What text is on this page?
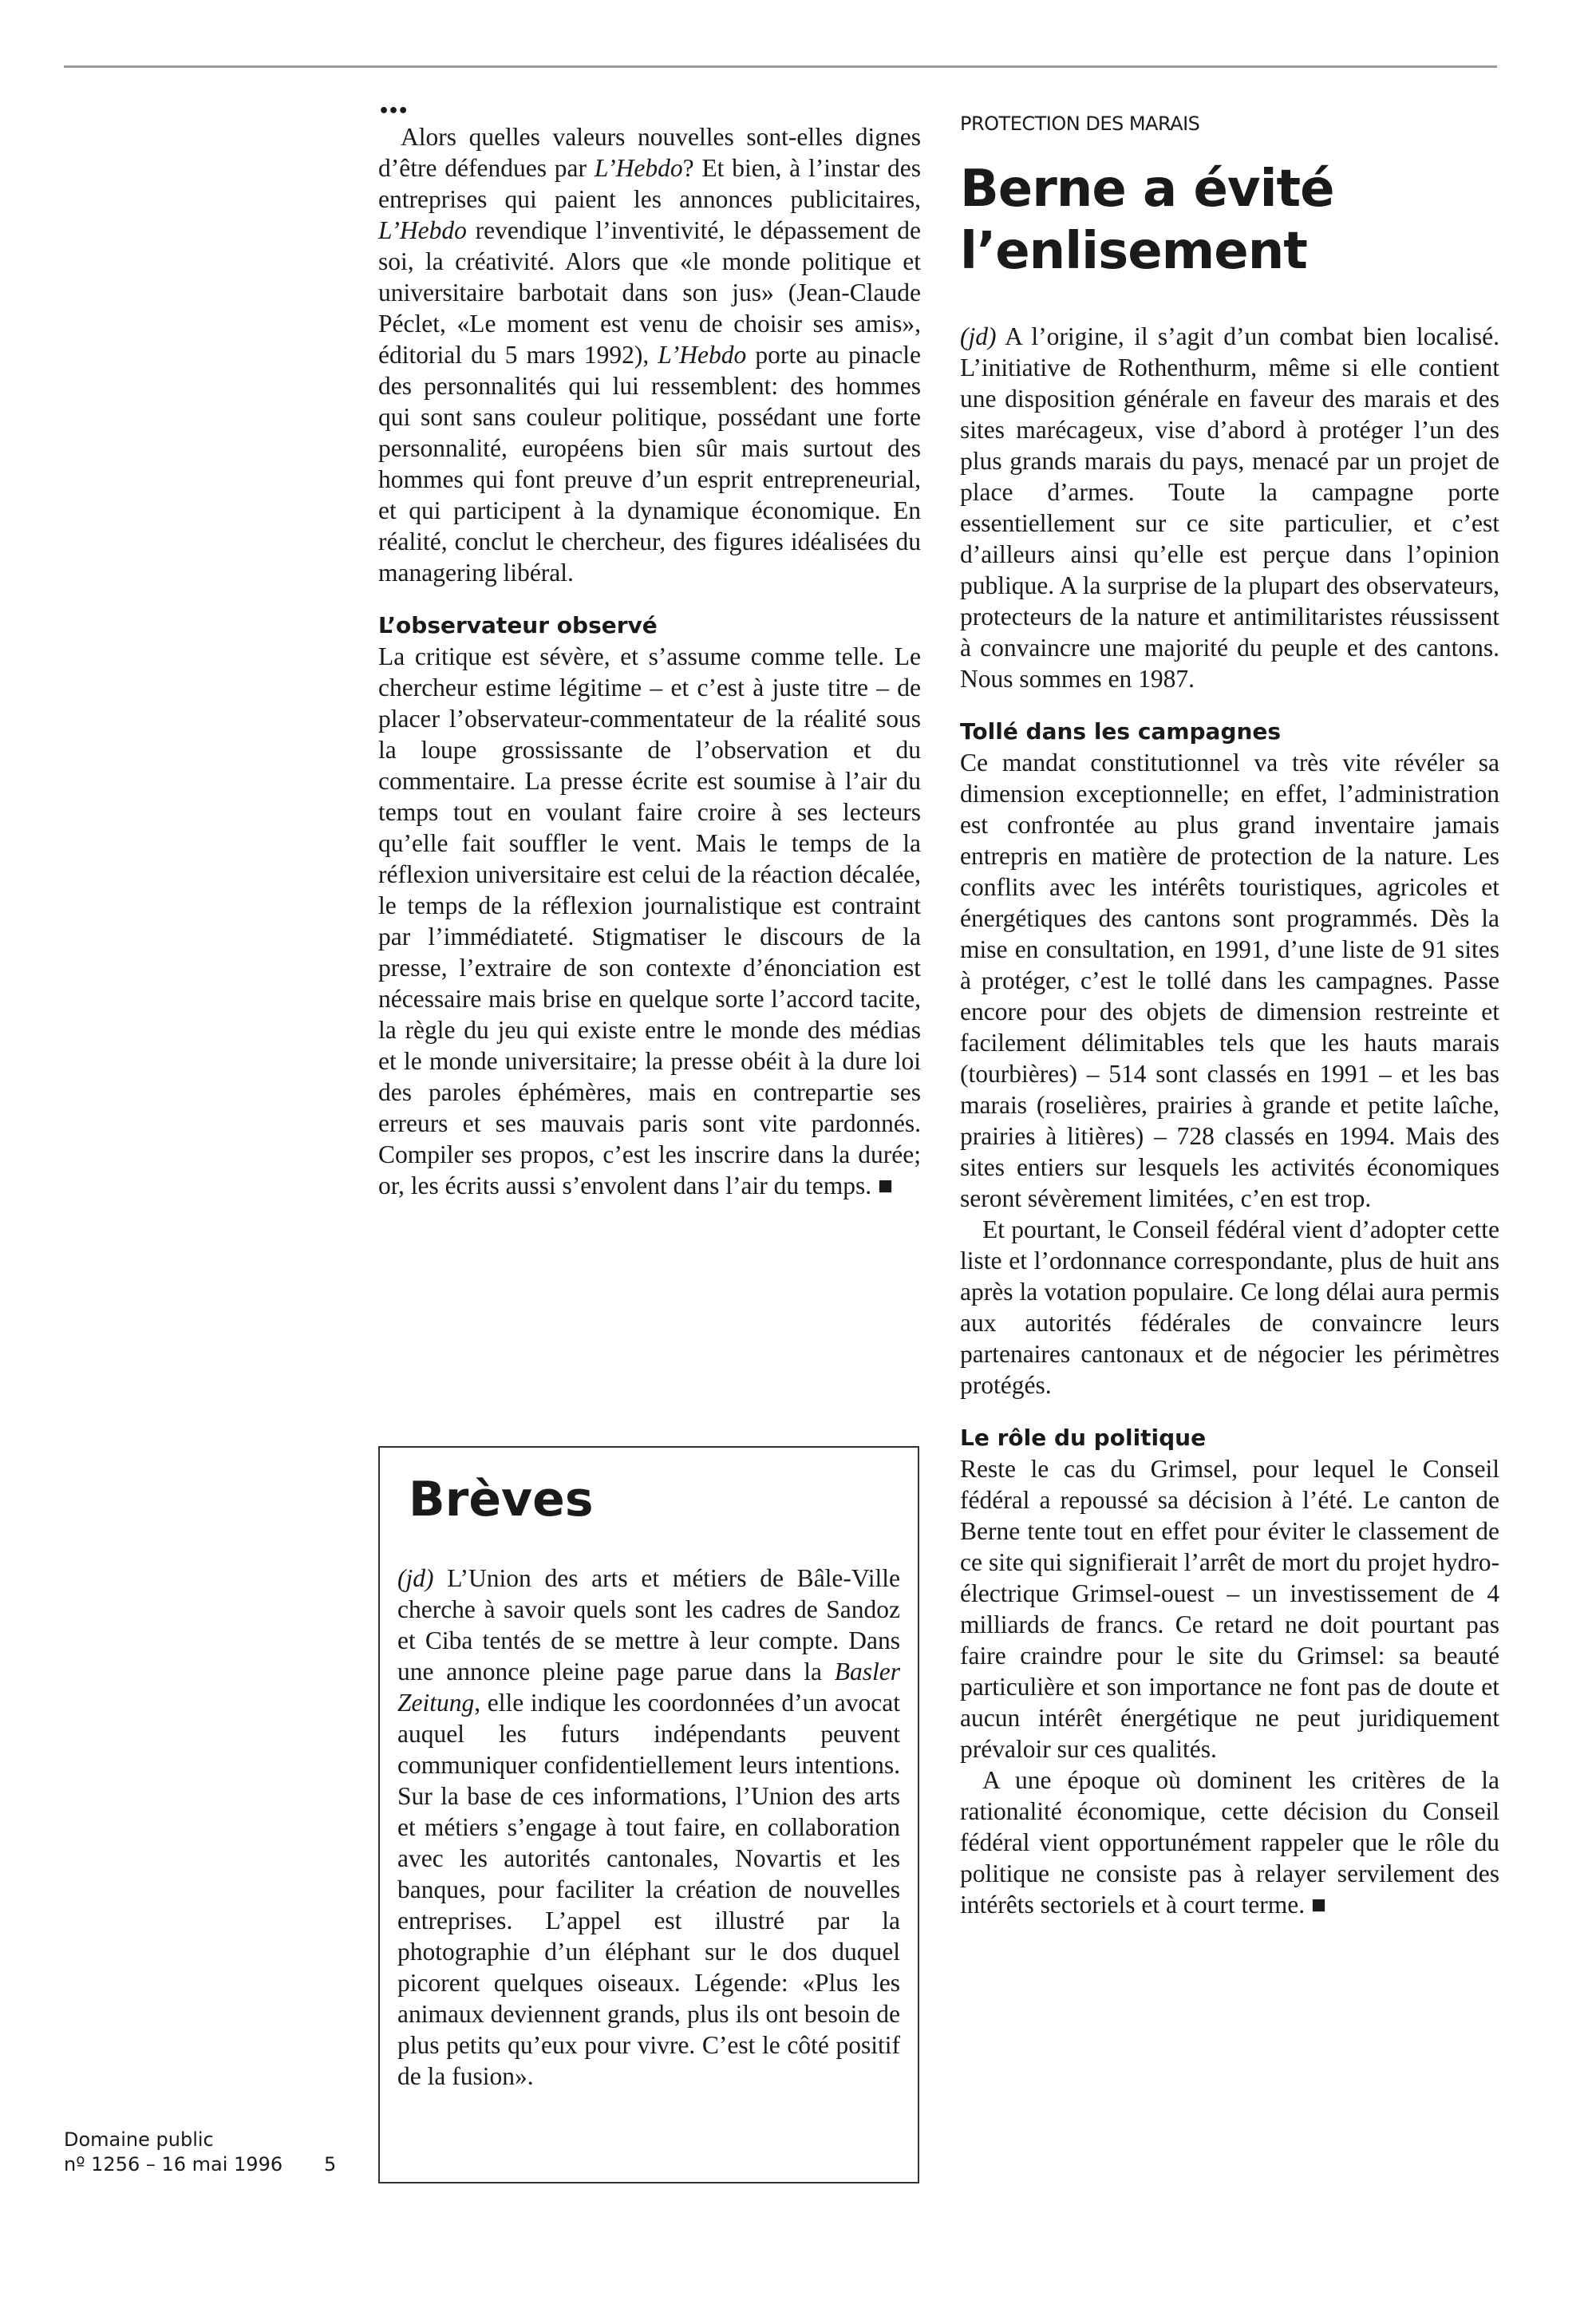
•••

Alors quelles valeurs nouvelles sont-elles dignes d’être défendues par L’Hebdo? Et bien, à l’instar des entreprises qui paient les annonces publicitaires, L’Hebdo revendique l’inventivité, le dépassement de soi, la créativité. Alors que «le monde politique et universitaire barbotait dans son jus» (Jean-Claude Péclet, «Le moment est venu de choisir ses amis», éditorial du 5 mars 1992), L’Hebdo porte au pinacle des personnalités qui lui ressemblent: des hommes qui sont sans couleur politique, possédant une forte personnalité, européens bien sûr mais surtout des hommes qui font preuve d’un esprit entrepreneurial, et qui participent à la dynamique économique. En réalité, conclut le chercheur, des figures idéalisées du managering libéral.

L’observateur observé

La critique est sévère, et s’assume comme telle. Le chercheur estime légitime – et c’est à juste titre – de placer l’observateur-commentateur de la réalité sous la loupe grossissante de l’observation et du commentaire. La presse écrite est soumise à l’air du temps tout en voulant faire croire à ses lecteurs qu’elle fait souffler le vent. Mais le temps de la réflexion universitaire est celui de la réaction décalée, le temps de la réflexion journalistique est contraint par l’immédiateté. Stigmatiser le discours de la presse, l’extraire de son contexte d’énonciation est nécessaire mais brise en quelque sorte l’accord tacite, la règle du jeu qui existe entre le monde des médias et le monde universitaire; la presse obéit à la dure loi des paroles éphémères, mais en contrepartie ses erreurs et ses mauvais paris sont vite pardonnés. Compiler ses propos, c’est les inscrire dans la durée; or, les écrits aussi s’envolent dans l’air du temps. ■

Brèves

(jd) L’Union des arts et métiers de Bâle-Ville cherche à savoir quels sont les cadres de Sandoz et Ciba tentés de se mettre à leur compte. Dans une annonce pleine page parue dans la Basler Zeitung, elle indique les coordonnées d’un avocat auquel les futurs indépendants peuvent communiquer confidentiellement leurs intentions. Sur la base de ces informations, l’Union des arts et métiers s’engage à tout faire, en collaboration avec les autorités cantonales, Novartis et les banques, pour faciliter la création de nouvelles entreprises. L’appel est illustré par la photographie d’un éléphant sur le dos duquel picorent quelques oiseaux. Légende: «Plus les animaux deviennent grands, plus ils ont besoin de plus petits qu’eux pour vivre. C’est le côté positif de la fusion».

PROTECTION DES MARAIS
Berne a évité l’enlisement

(jd) A l’origine, il s’agit d’un combat bien localisé. L’initiative de Rothenthurm, même si elle contient une disposition générale en faveur des marais et des sites marécageux, vise d’abord à protéger l’un des plus grands marais du pays, menacé par un projet de place d’armes. Toute la campagne porte essentiellement sur ce site particulier, et c’est d’ailleurs ainsi qu’elle est perçue dans l’opinion publique. A la surprise de la plupart des observateurs, protecteurs de la nature et antimilitaristes réussissent à convaincre une majorité du peuple et des cantons. Nous sommes en 1987.

Tollé dans les campagnes

Ce mandat constitutionnel va très vite révéler sa dimension exceptionnelle; en effet, l’administration est confrontée au plus grand inventaire jamais entrepris en matière de protection de la nature. Les conflits avec les intérêts touristiques, agricoles et énergétiques des cantons sont programmés. Dès la mise en consultation, en 1991, d’une liste de 91 sites à protéger, c’est le tollé dans les campagnes. Passe encore pour des objets de dimension restreinte et facilement délimitables tels que les hauts marais (tourbières) – 514 sont classés en 1991 – et les bas marais (roselières, prairies à grande et petite laîche, prairies à litières) – 728 classés en 1994. Mais des sites entiers sur lesquels les activités économiques seront sévèrement limitées, c’en est trop.

Et pourtant, le Conseil fédéral vient d’adopter cette liste et l’ordonnance correspondante, plus de huit ans après la votation populaire. Ce long délai aura permis aux autorités fédérales de convaincre leurs partenaires cantonaux et de négocier les périmètres protégés.

Le rôle du politique

Reste le cas du Grimsel, pour lequel le Conseil fédéral a repoussé sa décision à l’été. Le canton de Berne tente tout en effet pour éviter le classement de ce site qui signifierait l’arrêt de mort du projet hydro-électrique Grimsel-ouest – un investissement de 4 milliards de francs. Ce retard ne doit pourtant pas faire craindre pour le site du Grimsel: sa beauté particulière et son importance ne font pas de doute et aucun intérêt énergétique ne peut juridiquement prévaloir sur ces qualités.

A une époque où dominent les critères de la rationalité économique, cette décision du Conseil fédéral vient opportunément rappeler que le rôle du politique ne consiste pas à relayer servilement des intérêts sectoriels et à court terme. ■

Domaine public
nº 1256 – 16 mai 1996 5
